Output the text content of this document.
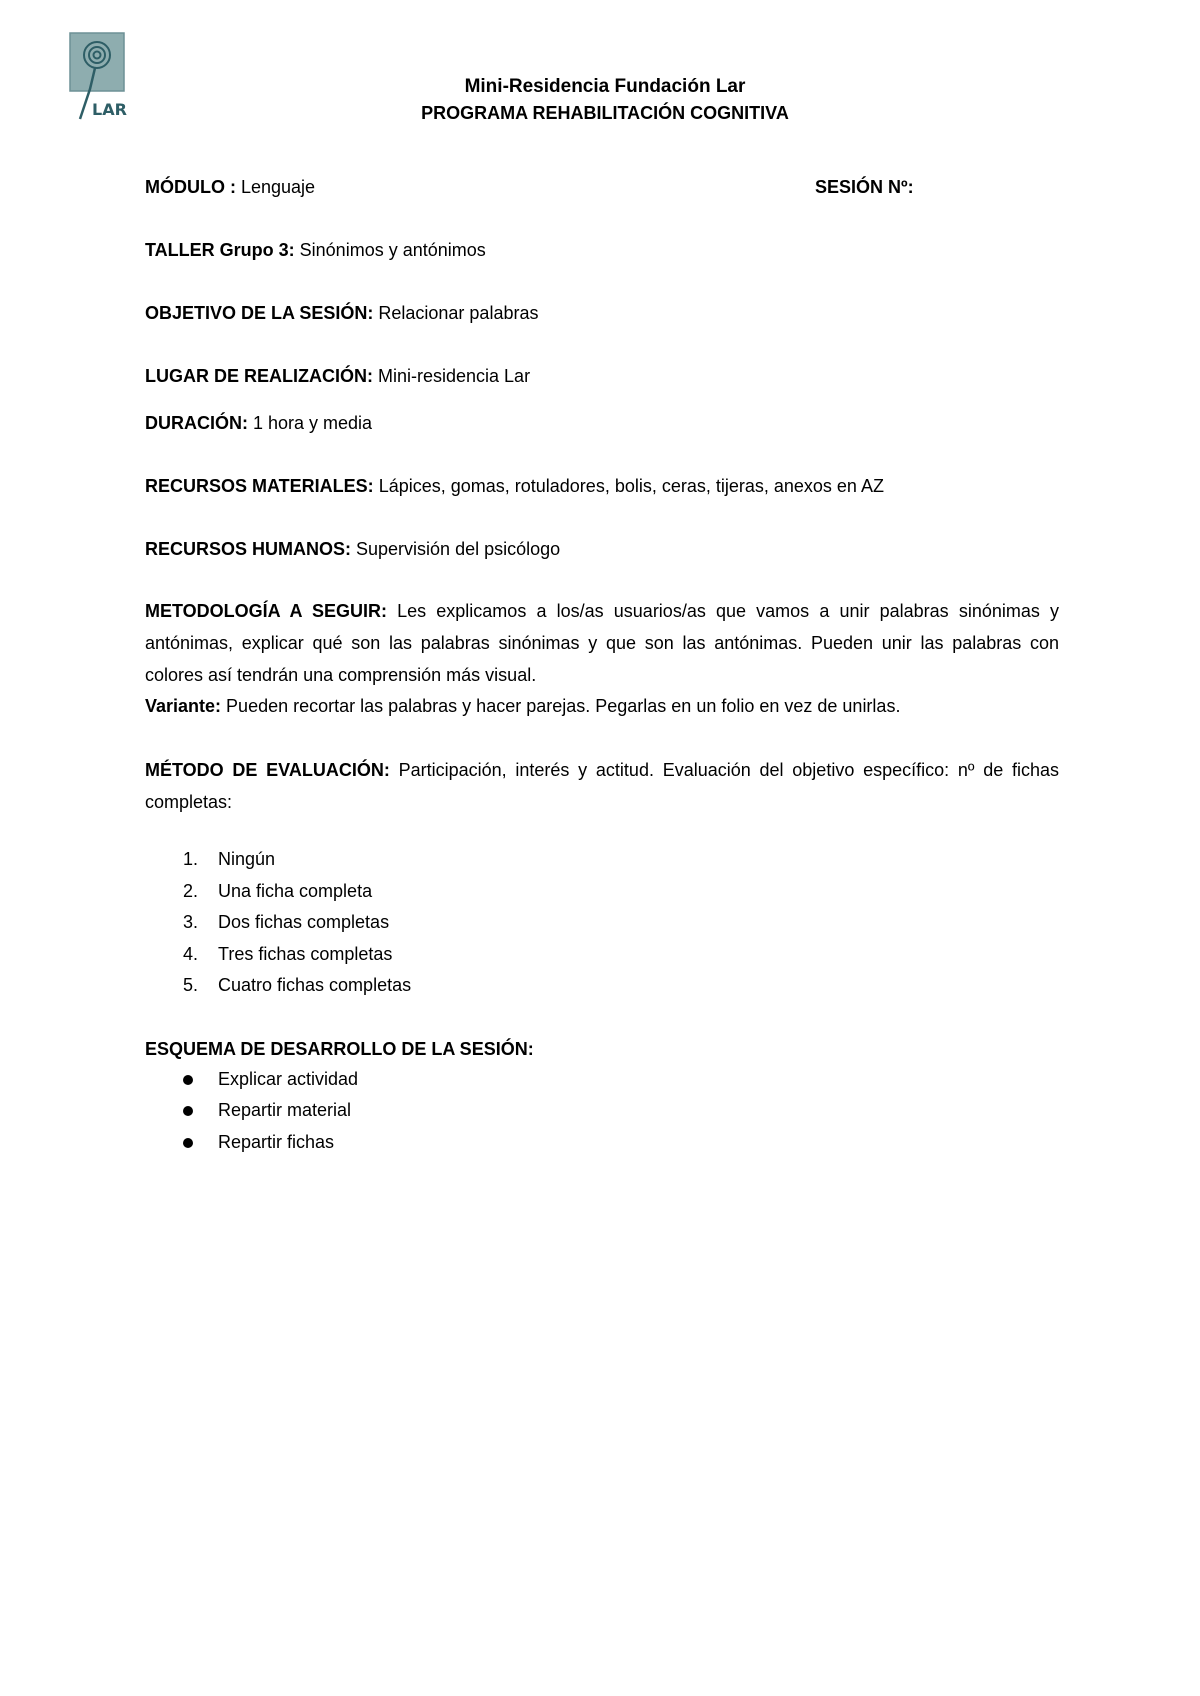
LAR
Mini-Residencia Fundación Lar
PROGRAMA REHABILITACIÓN COGNITIVA
MÓDULO : Lenguaje	SESIÓN Nº:
TALLER Grupo 3: Sinónimos y antónimos
OBJETIVO DE LA SESIÓN: Relacionar palabras
LUGAR DE REALIZACIÓN: Mini-residencia Lar
DURACIÓN: 1 hora y media
RECURSOS MATERIALES: Lápices, gomas, rotuladores, bolis, ceras, tijeras, anexos en AZ
RECURSOS HUMANOS: Supervisión del psicólogo
METODOLOGÍA A SEGUIR: Les explicamos a los/as usuarios/as que vamos a unir palabras sinónimas y antónimas, explicar qué son las palabras sinónimas y que son las antónimas. Pueden unir las palabras con colores así tendrán una comprensión más visual.
Variante: Pueden recortar las palabras y hacer parejas. Pegarlas en un folio en vez de unirlas.
MÉTODO DE EVALUACIÓN: Participación, interés y actitud. Evaluación del objetivo específico: nº de fichas completas:
1. Ningún
2. Una ficha completa
3. Dos fichas completas
4. Tres fichas completas
5. Cuatro fichas completas
ESQUEMA DE DESARROLLO DE LA SESIÓN:
Explicar actividad
Repartir material
Repartir fichas
